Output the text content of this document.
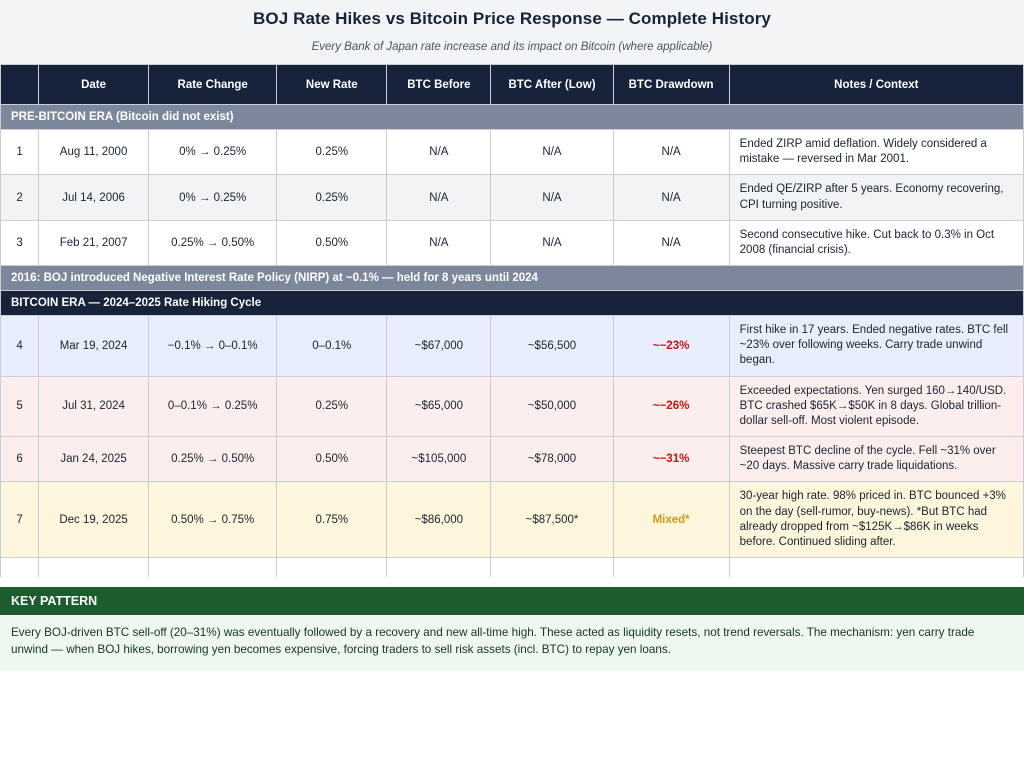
BOJ Rate Hikes vs Bitcoin Price Response — Complete History
Every Bank of Japan rate increase and its impact on Bitcoin (where applicable)
	Date	Rate Change	New Rate	BTC Before	BTC After (Low)	BTC Drawdown	Notes / Context
PRE-BITCOIN ERA (Bitcoin did not exist)							
1	Aug 11, 2000	0% → 0.25%	0.25%	N/A	N/A	N/A	Ended ZIRP amid deflation. Widely considered a mistake — reversed in Mar 2001.
2	Jul 14, 2006	0% → 0.25%	0.25%	N/A	N/A	N/A	Ended QE/ZIRP after 5 years. Economy recovering, CPI turning positive.
3	Feb 21, 2007	0.25% → 0.50%	0.50%	N/A	N/A	N/A	Second consecutive hike. Cut back to 0.3% in Oct 2008 (financial crisis).
2016: BOJ introduced Negative Interest Rate Policy (NIRP) at −0.1% — held for 8 years until 2024							
BITCOIN ERA — 2024–2025 Rate Hiking Cycle							
4	Mar 19, 2024	−0.1% → 0–0.1%	0–0.1%	~$67,000	~$56,500	~−23%	First hike in 17 years. Ended negative rates. BTC fell ~23% over following weeks. Carry trade unwind began.
5	Jul 31, 2024	0–0.1% → 0.25%	0.25%	~$65,000	~$50,000	~−26%	Exceeded expectations. Yen surged 160→140/USD. BTC crashed $65K→$50K in 8 days. Global trillion-dollar sell-off. Most violent episode.
6	Jan 24, 2025	0.25% → 0.50%	0.50%	~$105,000	~$78,000	~−31%	Steepest BTC decline of the cycle. Fell ~31% over ~20 days. Massive carry trade liquidations.
7	Dec 19, 2025	0.50% → 0.75%	0.75%	~$86,000	~$87,500*	Mixed*	30-year high rate. 98% priced in. BTC bounced +3% on the day (sell-rumor, buy-news). *But BTC had already dropped from ~$125K→$86K in weeks before. Continued sliding after.

KEY PATTERN
Every BOJ-driven BTC sell-off (20–31%) was eventually followed by a recovery and new all-time high. These acted as liquidity resets, not trend reversals. The mechanism: yen carry trade unwind — when BOJ hikes, borrowing yen becomes expensive, forcing traders to sell risk assets (incl. BTC) to repay yen loans.
